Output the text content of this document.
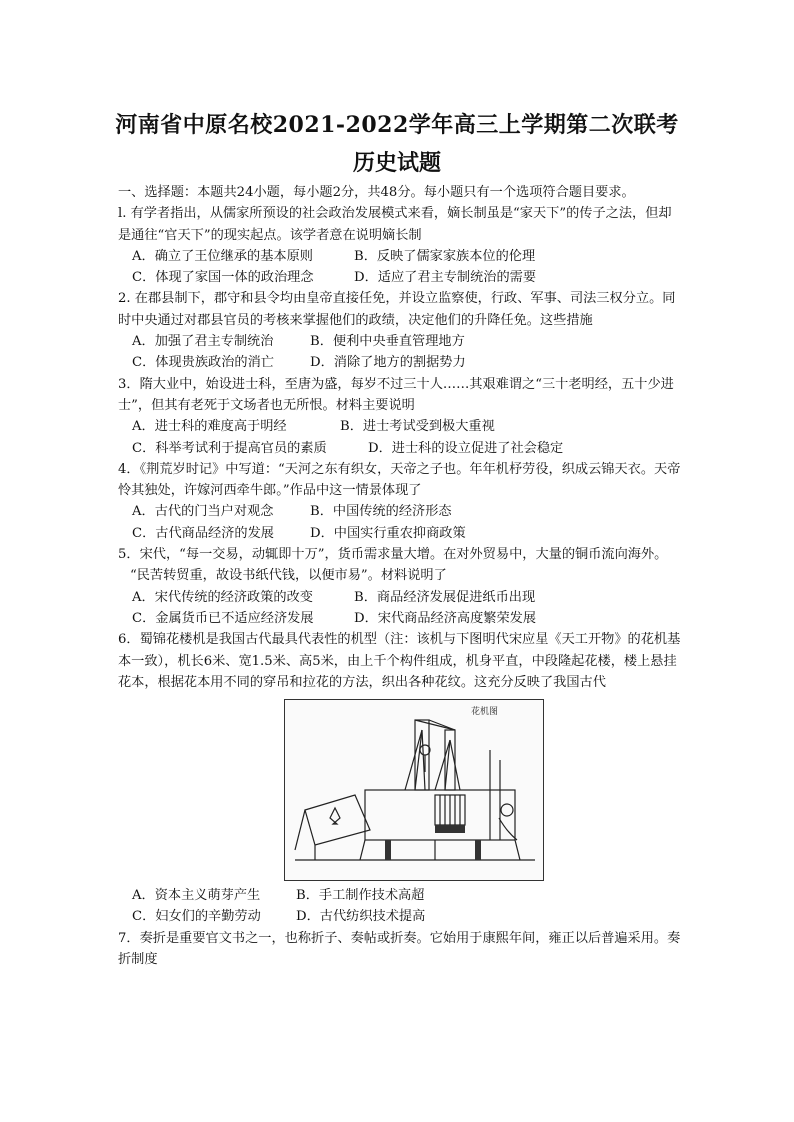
河南省中原名校2021-2022学年高三上学期第二次联考
历史试题

一、选择题：本题共24小题，每小题2分，共48分。每小题只有一个选项符合题目要求。

l. 有学者指出，从儒家所预设的社会政治发展模式来看，嫡长制虽是“家天下”的传子之法，但却是通往“官天下”的现实起点。该学者意在说明嫡长制

A．确立了王位继承的基本原则	B．反映了儒家家族本位的伦理
C．体现了家国一体的政治理念	D．适应了君主专制统治的需要

2. 在郡县制下，郡守和县令均由皇帝直接任免，并设立监察使，行政、军事、司法三权分立。同时中央通过对郡县官员的考核来掌握他们的政绩，决定他们的升降任免。这些措施

A．加强了君主专制统治	B．便利中央垂直管理地方
C．体现贵族政治的消亡	D．消除了地方的割据势力

3．隋大业中，始设进士科，至唐为盛，每岁不过三十人……其艰难谓之“三十老明经，五十少进士”，但其有老死于文场者也无所恨。材料主要说明

A．进士科的难度高于明经	B．进士考试受到极大重视
C．科举考试利于提高官员的素质	D．进士科的设立促进了社会稳定

4．《荆荒岁时记》中写道：“天河之东有织女，天帝之子也。年年机杼劳役，织成云锦天衣。天帝怜其独处，许嫁河西牵牛郎。”作品中这一情景体现了

A．古代的门当户对观念	B．中国传统的经济形态
C．古代商品经济的发展	D．中国实行重农抑商政策

5．宋代，“每一交易，动辄即十万”，货币需求量大增。在对外贸易中，大量的铜币流向海外。

“民苦转贸重，故设书纸代钱，以便市易”。材料说明了

A．宋代传统的经济政策的改变	B．商品经济发展促进纸币出现
C．金属货币已不适应经济发展	D．宋代商品经济高度繁荣发展

6．蜀锦花楼机是我国古代最具代表性的机型（注：该机与下图明代宋应星《天工开物》的花机基本一致），机长6米、宽1.5米、高5米，由上千个构件组成，机身平直，中段隆起花楼，楼上悬挂花本，根据花本用不同的穿吊和拉花的方法，织出各种花纹。这充分反映了我国古代

花机图
A．资本主义萌芽产生	B．手工制作技术高超
C．妇女们的辛勤劳动	D．古代纺织技术提高

7．奏折是重要官文书之一，也称折子、奏帖或折奏。它始用于康熙年间，雍正以后普遍采用。奏折制度
